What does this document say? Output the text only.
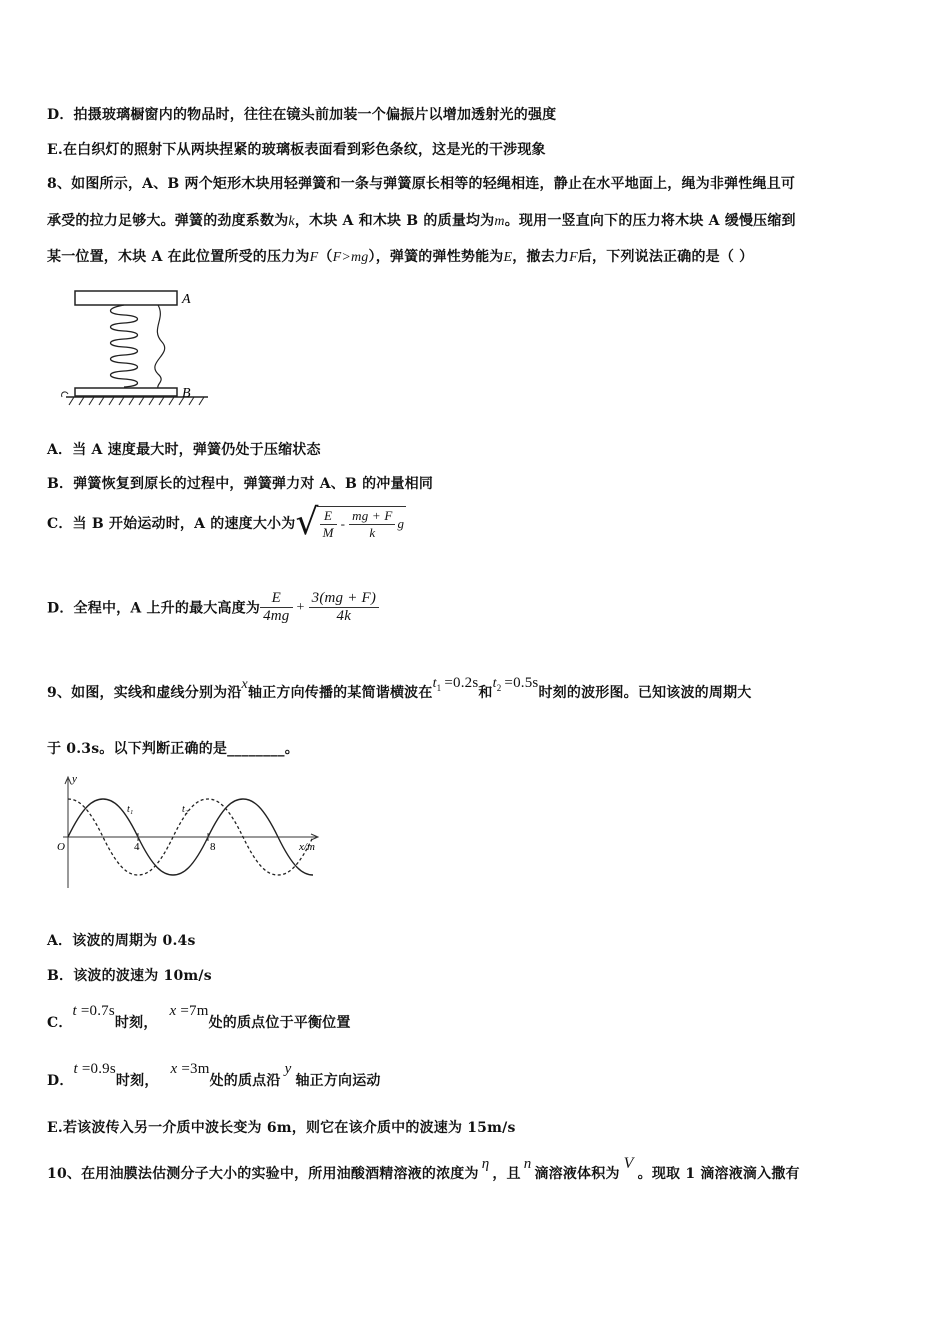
D．拍摄玻璃橱窗内的物品时，往往在镜头前加装一个偏振片以增加透射光的强度
E.在白织灯的照射下从两块捏紧的玻璃板表面看到彩色条纹，这是光的干涉现象
8、如图所示，A、B 两个矩形木块用轻弹簧和一条与弹簧原长相等的轻绳相连，静止在水平地面上，绳为非弹性绳且可
承受的拉力足够大。弹簧的劲度系数为k，木块 A 和木块 B 的质量均为m。现用一竖直向下的压力将木块 A 缓慢压缩到
某一位置，木块 A 在此位置所受的压力为F（F>mg），弹簧的弹性势能为E，撤去力F后，下列说法正确的是（ ）
A
B
A．当 A 速度最大时，弹簧仍处于压缩状态
B．弹簧恢复到原长的过程中，弹簧弹力对 A、B 的冲量相同
C．当 B 开始运动时，A 的速度大小为√ $\frac{E}{M} - \frac{mg + F}{k}$ g
D．全程中，A 上升的最大高度为 $\frac{E}{4mg} + \frac{3(mg + F)}{4k}$
9、如图，实线和虚线分别为沿x轴正方向传播的某简谐横波在$t_1 =0.2s$和$t_2 =0.5s$时刻的波形图。已知该波的周期大
于 0.3s。以下判断正确的是________。
y
O	4	8	x/m
t₁	t₂
A．该波的周期为 0.4s
B．该波的波速为 10m/s
C．t =0.7s时刻，x =7m处的质点位于平衡位置
D．t =0.9s时刻，x =3m处的质点沿y轴正方向运动
E.若该波传入另一介质中波长变为 6m，则它在该介质中的波速为 15m/s
10、在用油膜法估测分子大小的实验中，所用油酸酒精溶液的浓度为η，且n滴溶液体积为V。现取 1 滴溶液滴入撒有
